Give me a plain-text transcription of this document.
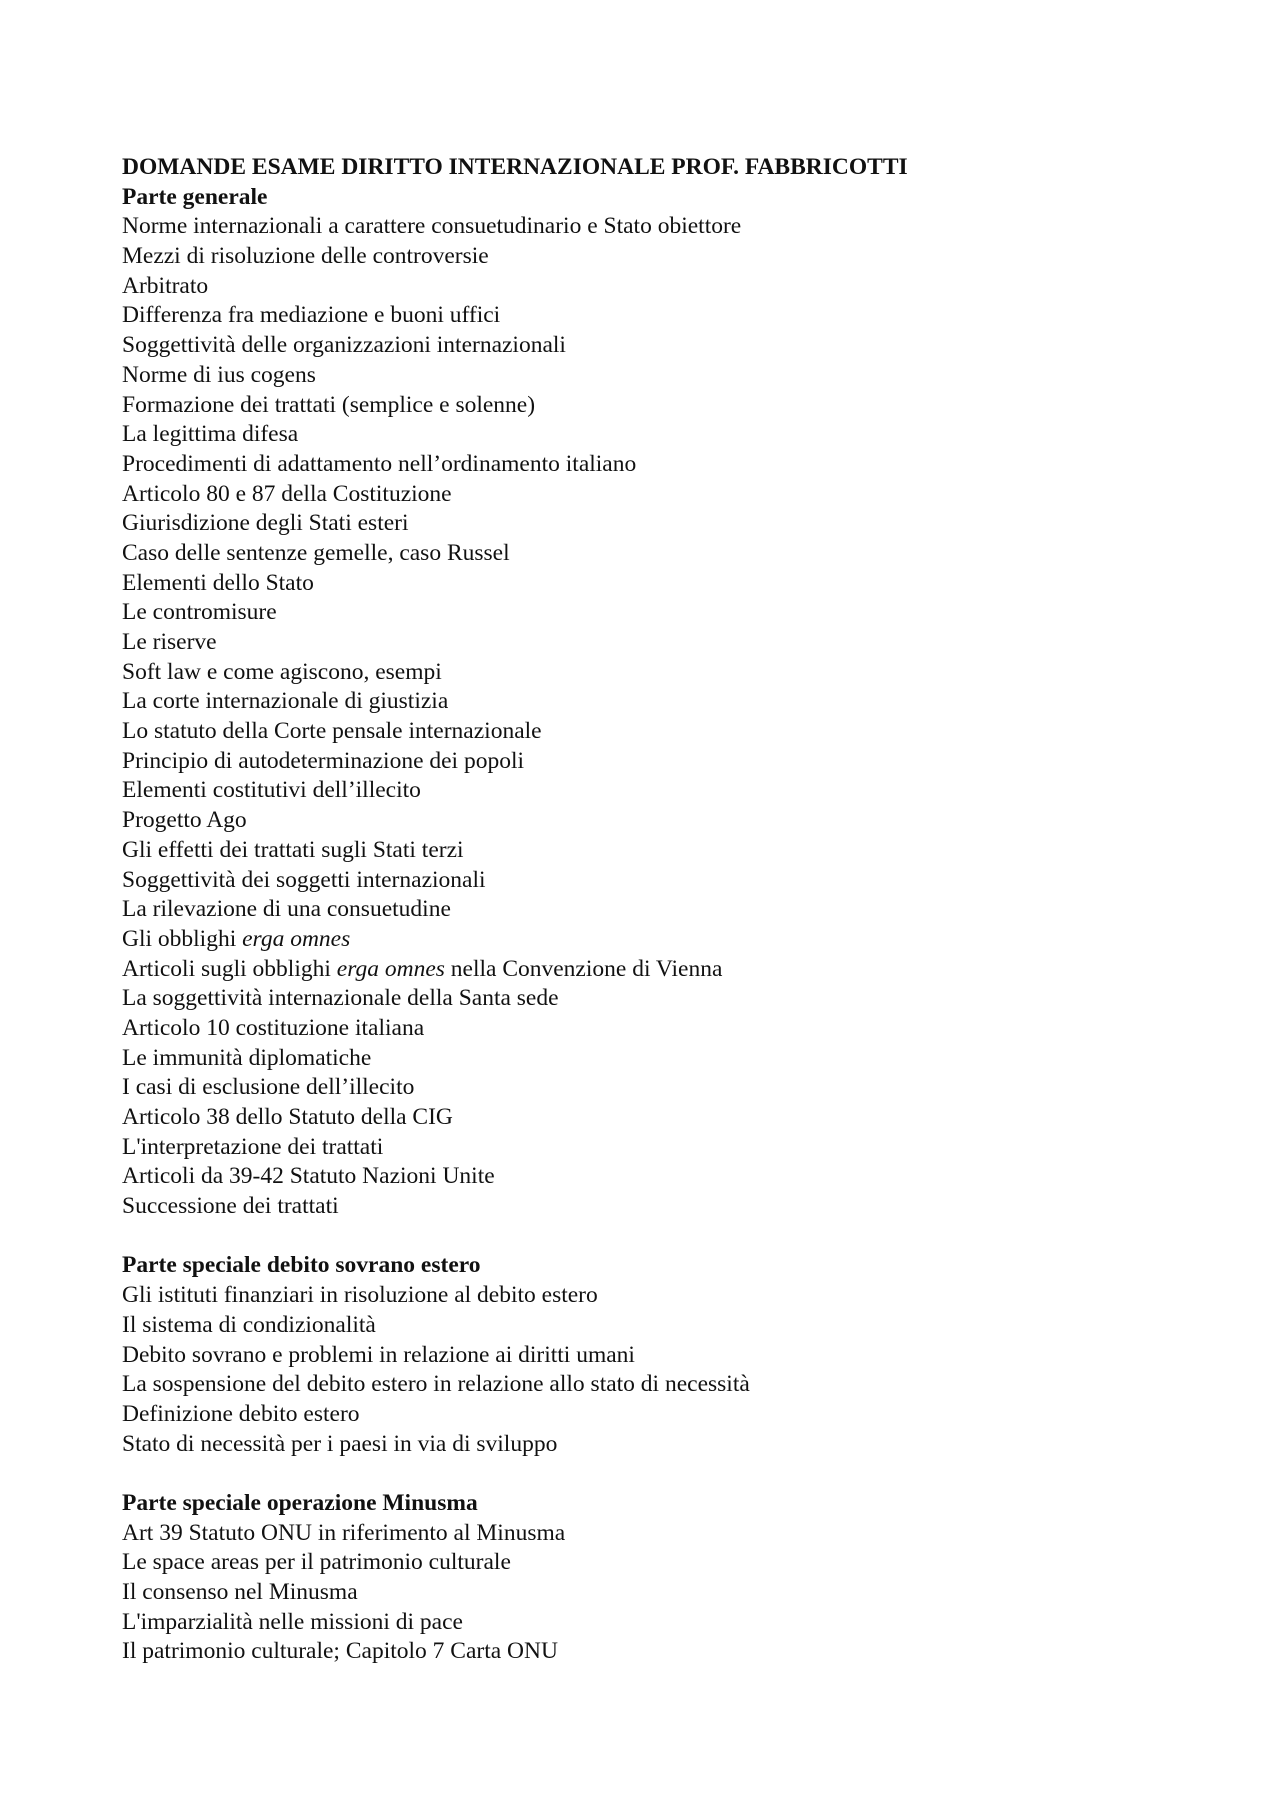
DOMANDE ESAME DIRITTO INTERNAZIONALE PROF. FABBRICOTTI
Parte generale
Norme internazionali a carattere consuetudinario e Stato obiettore
Mezzi di risoluzione delle controversie
Arbitrato
Differenza fra mediazione e buoni uffici
Soggettività delle organizzazioni internazionali
Norme di ius cogens
Formazione dei trattati (semplice e solenne)
La legittima difesa
Procedimenti di adattamento nell’ordinamento italiano
Articolo 80 e 87 della Costituzione
Giurisdizione degli Stati esteri
Caso delle sentenze gemelle, caso Russel
Elementi dello Stato
Le contromisure
Le riserve
Soft law e come agiscono, esempi
La corte internazionale di giustizia
Lo statuto della Corte pensale internazionale
Principio di autodeterminazione dei popoli
Elementi costitutivi dell’illecito
Progetto Ago
Gli effetti dei trattati sugli Stati terzi
Soggettività dei soggetti internazionali
La rilevazione di una consuetudine
Gli obblighi erga omnes
Articoli sugli obblighi erga omnes nella Convenzione di Vienna
La soggettività internazionale della Santa sede
Articolo 10 costituzione italiana
Le immunità diplomatiche
I casi di esclusione dell’illecito
Articolo 38 dello Statuto della CIG
L'interpretazione dei trattati
Articoli da 39-42 Statuto Nazioni Unite
Successione dei trattati
Parte speciale debito sovrano estero
Gli istituti finanziari in risoluzione al debito estero
Il sistema di condizionalità
Debito sovrano e problemi in relazione ai diritti umani
La sospensione del debito estero in relazione allo stato di necessità
Definizione debito estero
Stato di necessità per i paesi in via di sviluppo
Parte speciale operazione Minusma
Art 39 Statuto ONU in riferimento al Minusma
Le space areas per il patrimonio culturale
Il consenso nel Minusma
L'imparzialità nelle missioni di pace
Il patrimonio culturale; Capitolo 7 Carta ONU
